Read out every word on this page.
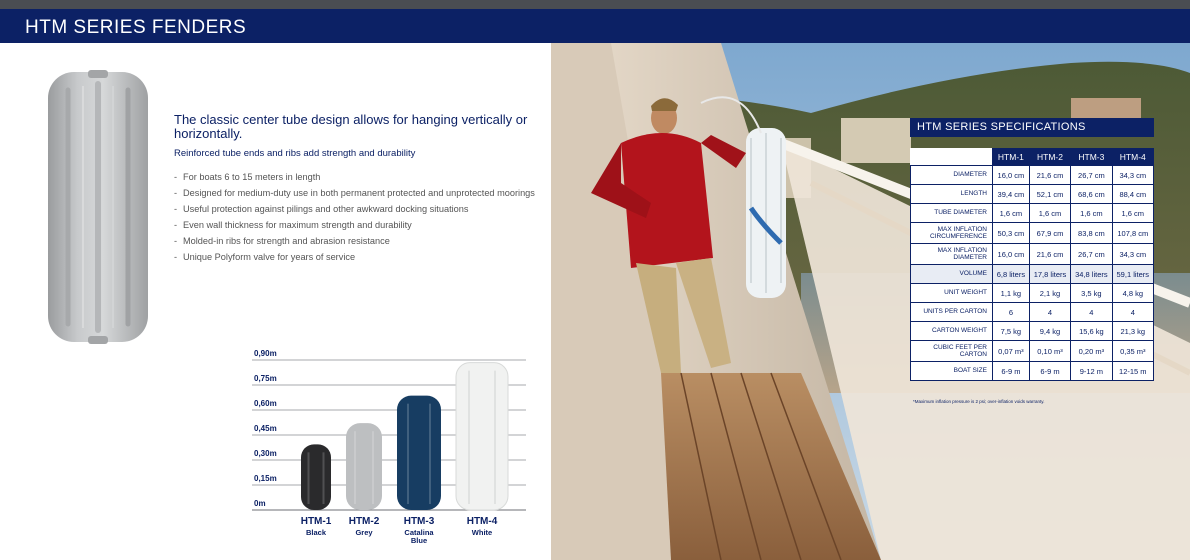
HTM SERIES FENDERS
The classic center tube design allows for hanging vertically or horizontally.
Reinforced tube ends and ribs add strength and durability
- For boats 6 to 15 meters in length
- Designed for medium-duty use in both permanent protected and unprotected moorings
- Useful protection against pilings and other awkward docking situations
- Even wall thickness for maximum strength and durability
- Molded-in ribs for strength and abrasion resistance
- Unique Polyform valve for years of service
0m
0,15m
0,30m
0,45m
0,60m
0,75m
0,90m
HTM-1
Black
HTM-2
Grey
HTM-3
Catalina Blue
HTM-4
White
HTM SERIES SPECIFICATIONS
	HTM-1	HTM-2	HTM-3	HTM-4
DIAMETER	16,0 cm	21,6 cm	26,7 cm	34,3 cm
LENGTH	39,4 cm	52,1 cm	68,6 cm	88,4 cm
TUBE DIAMETER	1,6 cm	1,6 cm	1,6 cm	1,6 cm
MAX INFLATION CIRCUMFERENCE	50,3 cm	67,9 cm	83,8 cm	107,8 cm
MAX INFLATION DIAMETER	16,0 cm	21,6 cm	26,7 cm	34,3 cm
VOLUME	6,8 liters	17,8 liters	34,8 liters	59,1 liters
UNIT WEIGHT	1,1 kg	2,1 kg	3,5 kg	4,8 kg
UNITS PER CARTON	6	4	4	4
CARTON WEIGHT	7,5 kg	9,4 kg	15,6 kg	21,3 kg
CUBIC FEET PER CARTON	0,07 m³	0,10 m³	0,20 m³	0,35 m³
BOAT SIZE	6-9 m	6-9 m	9-12 m	12-15 m
*Maximum inflation pressure is 2 psi; over-inflation voids warranty.
